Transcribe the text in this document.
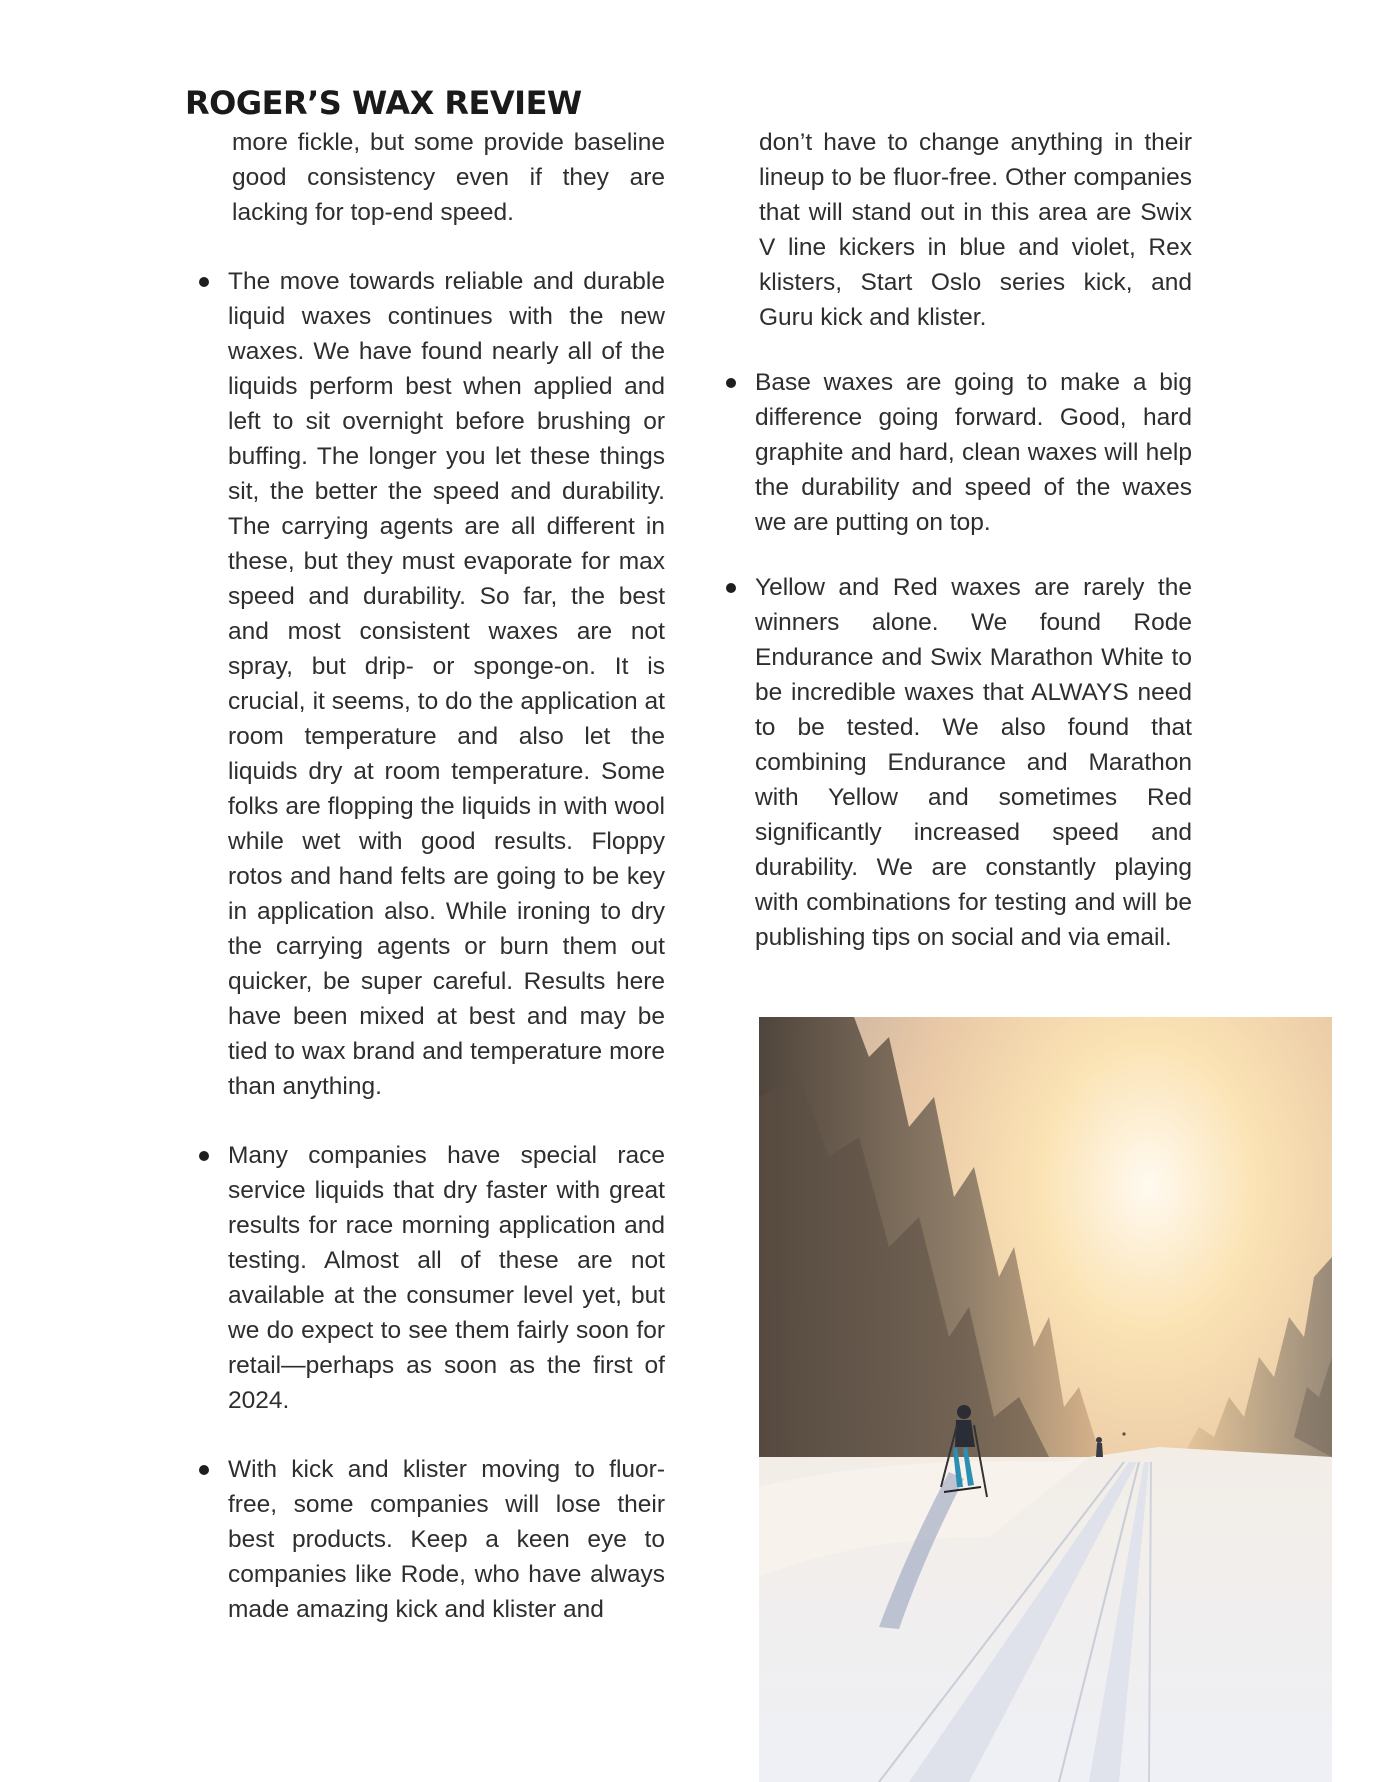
ROGER’S WAX REVIEW

more fickle, but some provide baseline good consistency even if they are lacking for top-end speed.

The move towards reliable and durable liquid waxes continues with the new waxes. We have found nearly all of the liquids perform best when applied and left to sit overnight before brushing or buffing. The longer you let these things sit, the better the speed and durability. The carrying agents are all different in these, but they must evaporate for max speed and durability. So far, the best and most consistent waxes are not spray, but drip- or sponge-on. It is crucial, it seems, to do the application at room temperature and also let the liquids dry at room temperature. Some folks are flopping the liquids in with wool while wet with good results. Floppy rotos and hand felts are going to be key in application also. While ironing to dry the carrying agents or burn them out quicker, be super careful. Results here have been mixed at best and may be tied to wax brand and temperature more than anything.
Many companies have special race service liquids that dry faster with great results for race morning application and testing. Almost all of these are not available at the consumer level yet, but we do expect to see them fairly soon for retail—perhaps as soon as the first of 2024.
With kick and klister moving to fluor-free, some companies will lose their best products. Keep a keen eye to companies like Rode, who have always made amazing kick and klister and

don’t have to change anything in their lineup to be fluor-free. Other companies that will stand out in this area are Swix V line kickers in blue and violet, Rex klisters, Start Oslo series kick, and Guru kick and klister.

Base waxes are going to make a big difference going forward. Good, hard graphite and hard, clean waxes will help the durability and speed of the waxes we are putting on top.
Yellow and Red waxes are rarely the winners alone. We found Rode Endurance and Swix Marathon White to be incredible waxes that ALWAYS need to be tested. We also found that combining Endurance and Marathon with Yellow and sometimes Red significantly increased speed and durability. We are constantly playing with combinations for testing and will be publishing tips on social and via email.
